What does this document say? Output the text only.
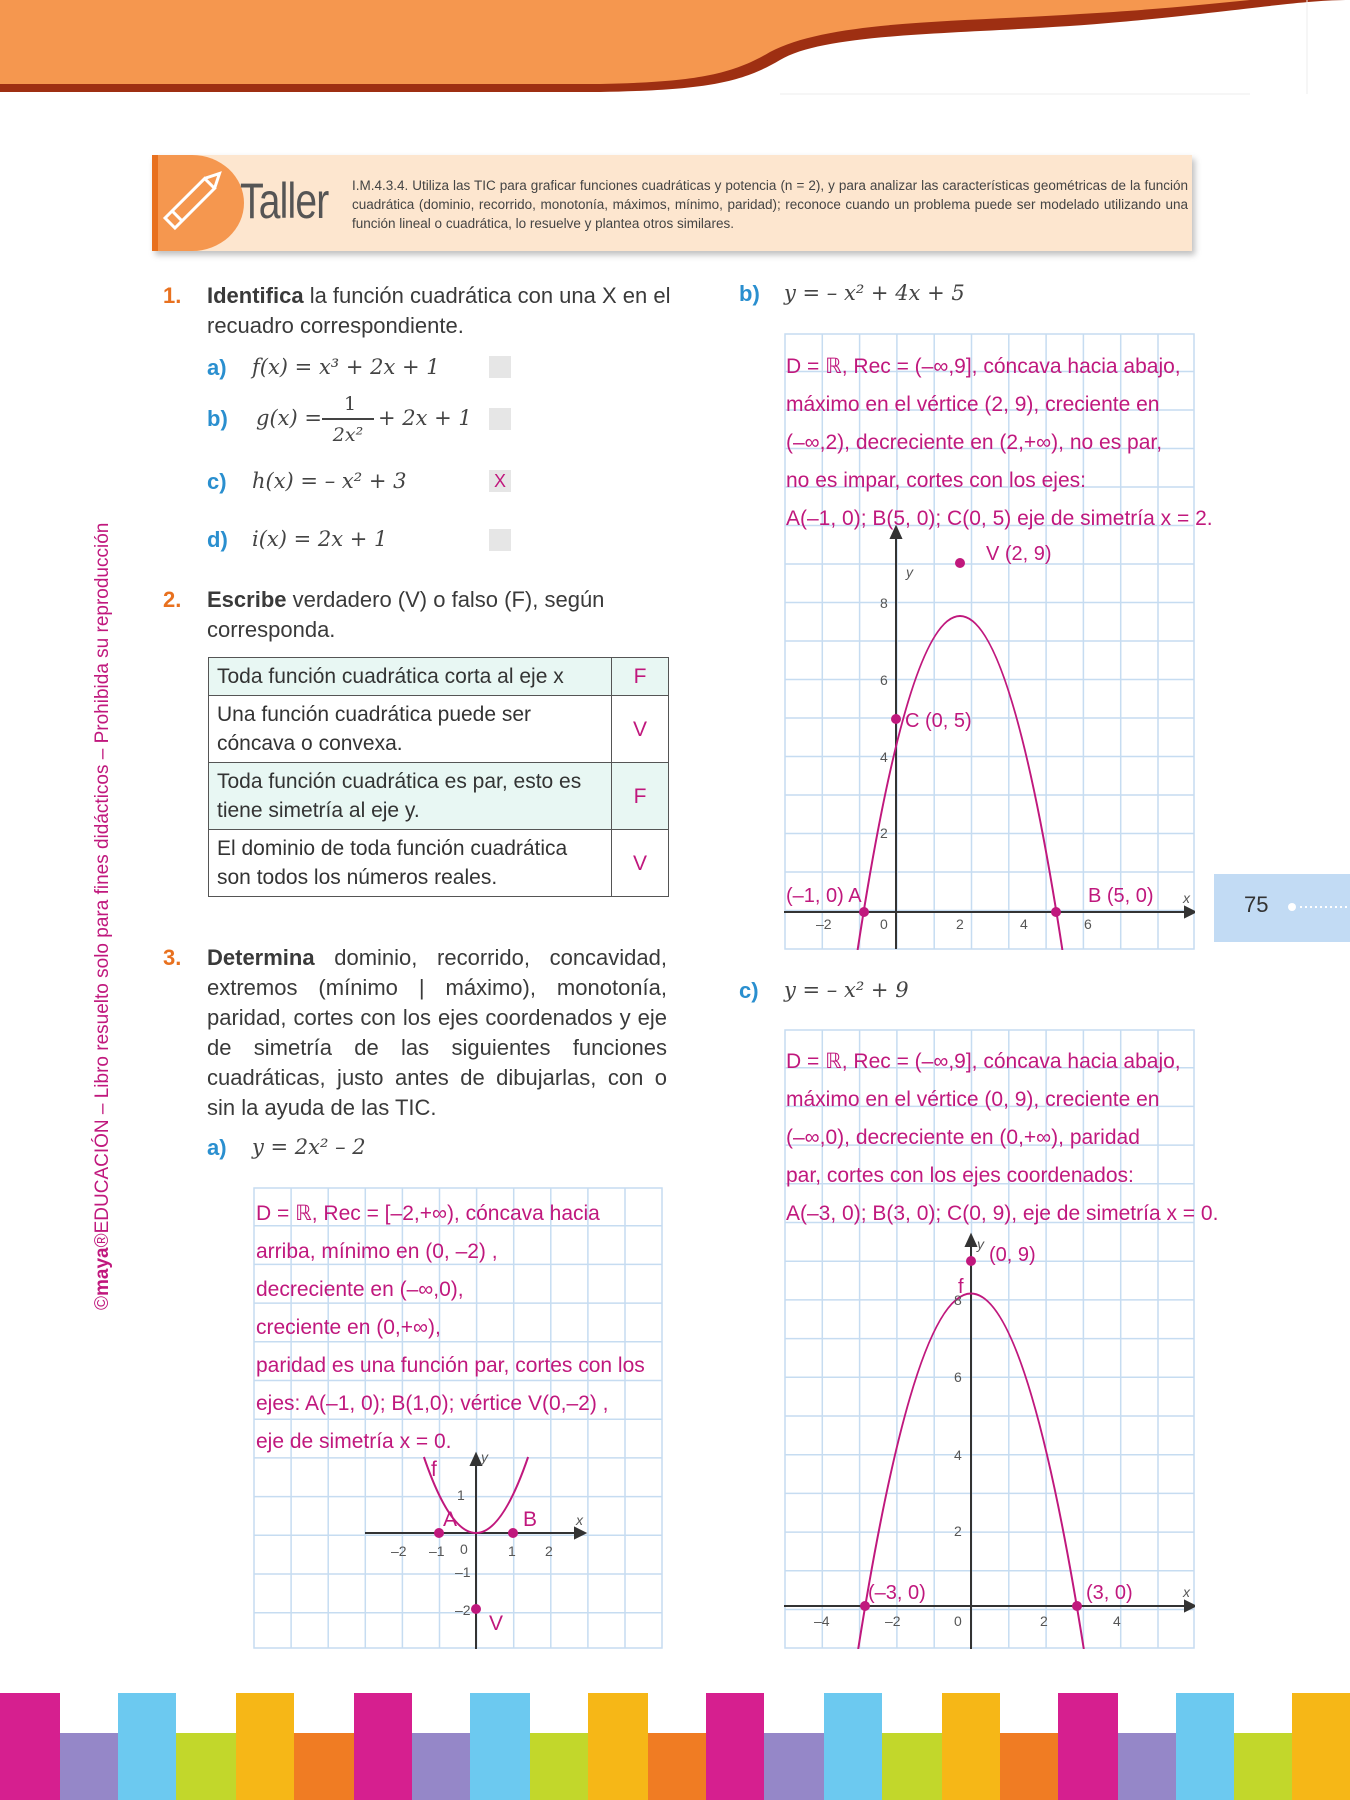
Taller I.M.4.3.4. Utiliza las TIC para graficar funciones cuadráticas y potencia (n = 2), y para analizar las características geométricas de la función cuadrática (dominio, recorrido, monotonía, máximos, mínimo, paridad); reconoce cuando un problema puede ser modelado utilizando una función lineal o cuadrática, lo resuelve y plantea otros similares.
©maya®EDUCACIÓN – Libro resuelto solo para fines didácticos – Prohibida su reproducción	75
1. Identifica la función cuadrática con una X en el recuadro correspondiente.
a) f(x) = x³ + 2x + 1
b) g(x) =
1
2x²
+ 2x + 1
c) h(x) = – x² + 3	X
d) i(x) = 2x + 1
2. Escribe verdadero (V) o falso (F), según corresponda.
Toda función cuadrática corta al eje x	F
Una función cuadrática puede ser cóncava o convexa.	V
Toda función cuadrática es par, esto es tiene simetría al eje y.	F
El dominio de toda función cuadrática son todos los números reales.	V
3. Determina dominio, recorrido, concavidad, extremos (mínimo | máximo), monotonía, paridad, cortes con los ejes coordenados y eje de simetría de las siguientes funciones cuadráticas, justo antes de dibujarlas, con o sin la ayuda de las TIC.
a) y = 2x² – 2
b) y = – x² + 4x + 5
c) y = – x² + 9
–2 –1 0	1 2
1
–1
–2
x
y
A	B
V
f
D = ℝ, Rec = [–2,+∞), cóncava hacia
arriba, mínimo en (0, –2) ,
decreciente en (–∞,0),
creciente en (0,+∞),
paridad es una función par, cortes con los
ejes: A(–1, 0); B(1,0); vértice V(0,–2) ,
eje de simetría x = 0.
–2	0	2	4	6
2
4
6
8
x
y
V (2, 9)
C (0, 5)
(–1, 0) A	B (5, 0)
D = ℝ, Rec = (–∞,9], cóncava hacia abajo,
máximo en el vértice (2, 9), creciente en
(–∞,2), decreciente en (2,+∞), no es par,
no es impar, cortes con los ejes:
A(–1, 0); B(5, 0); C(0, 5) eje de simetría x = 2.
–4	–2	0	2	4
2
4
6
8
x
y (0, 9)
f
(–3, 0)	(3, 0)
D = ℝ, Rec = (–∞,9], cóncava hacia abajo,
máximo en el vértice (0, 9), creciente en
(–∞,0), decreciente en (0,+∞), paridad
par, cortes con los ejes coordenados:
A(–3, 0); B(3, 0); C(0, 9), eje de simetría x = 0.
